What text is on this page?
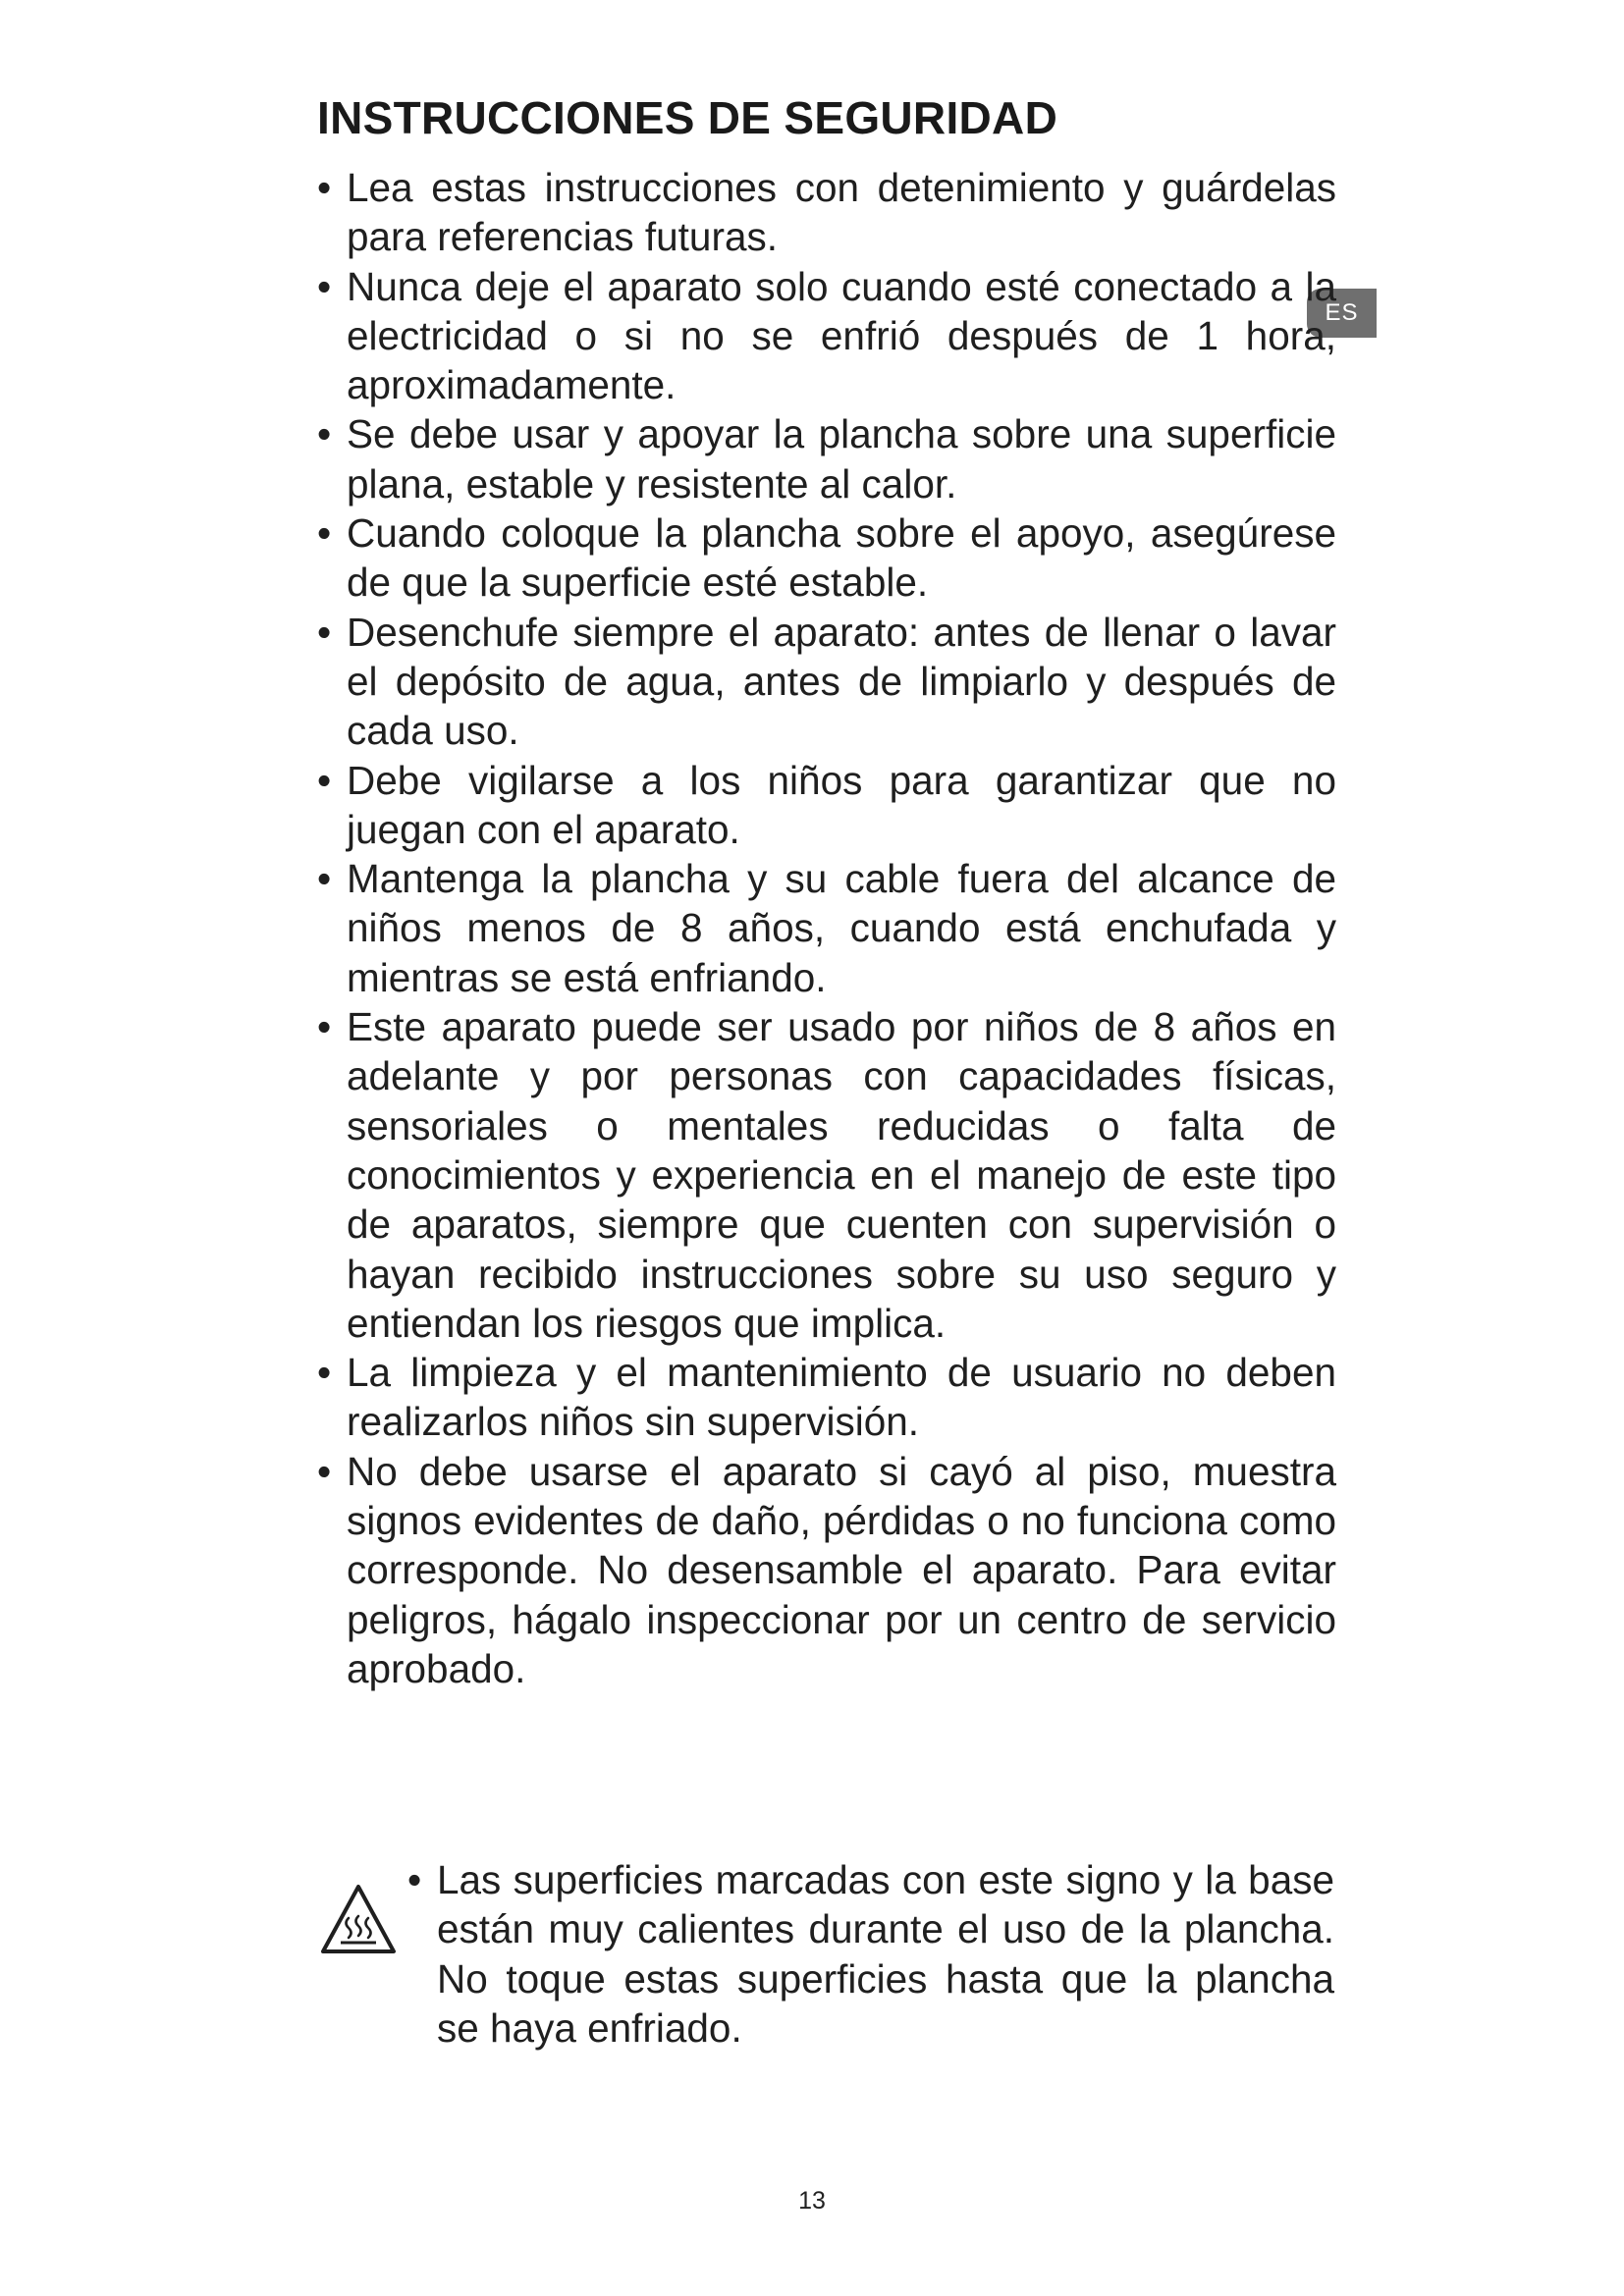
INSTRUCCIONES DE SEGURIDAD
ES
• Lea estas instrucciones con detenimiento y guárdelas para referencias futuras.
• Nunca deje el aparato solo cuando esté conectado a la electricidad o si no se enfrió después de 1 hora, aproximadamente.
• Se debe usar y apoyar la plancha sobre una superficie plana, estable y resistente al calor.
• Cuando coloque la plancha sobre el apoyo, asegúrese de que la superficie esté estable.
• Desenchufe siempre el aparato: antes de llenar o lavar el depósito de agua, antes de limpiarlo y después de cada uso.
• Debe vigilarse a los niños para garantizar que no juegan con el aparato.
• Mantenga la plancha y su cable fuera del alcance de niños menos de 8 años, cuando está enchufada y mientras se está enfriando.
• Este aparato puede ser usado por niños de 8 años en adelante y por personas con capacidades físicas, sensoriales o mentales reducidas o falta de conocimientos y experiencia en el manejo de este tipo de aparatos, siempre que cuenten con supervisión o hayan recibido instrucciones sobre su uso seguro y entiendan los riesgos que implica.
• La limpieza y el mantenimiento de usuario no deben realizarlos niños sin supervisión.
• No debe usarse el aparato si cayó al piso, muestra signos evidentes de daño, pérdidas o no funciona como corresponde. No desensamble el aparato. Para evitar peligros, hágalo inspeccionar por un centro de servicio aprobado.
• Las superficies marcadas con este signo y la base están muy calientes durante el uso de la plancha. No toque estas superficies hasta que la plancha se haya enfriado.
13
